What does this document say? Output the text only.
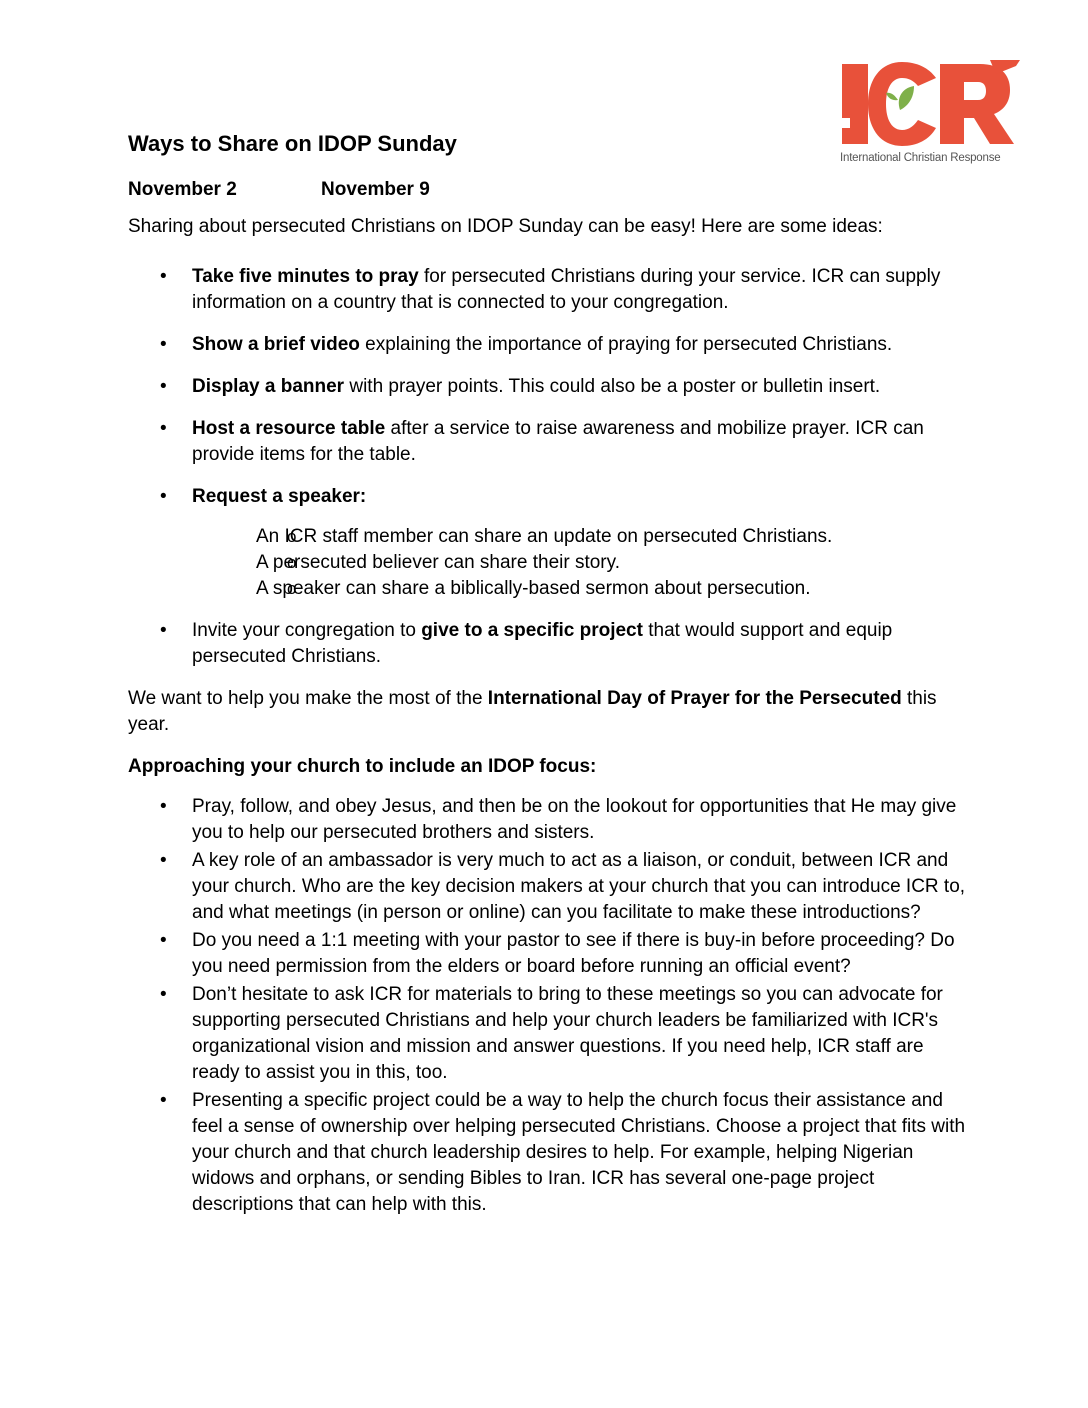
International Christian Response
Ways to Share on IDOP Sunday
November 2	November 9

Sharing about persecuted Christians on IDOP Sunday can be easy! Here are some ideas:

• Take five minutes to pray for persecuted Christians during your service. ICR can supply information on a country that is connected to your congregation.
• Show a brief video explaining the importance of praying for persecuted Christians.
• Display a banner with prayer points. This could also be a poster or bulletin insert.
• Host a resource table after a service to raise awareness and mobilize prayer. ICR can provide items for the table.
• Request a speaker:
o An ICR staff member can share an update on persecuted Christians.
o A persecuted believer can share their story.
o A speaker can share a biblically-based sermon about persecution.
• Invite your congregation to give to a specific project that would support and equip persecuted Christians.

We want to help you make the most of the International Day of Prayer for the Persecuted this year.

Approaching your church to include an IDOP focus:

• Pray, follow, and obey Jesus, and then be on the lookout for opportunities that He may give you to help our persecuted brothers and sisters.
• A key role of an ambassador is very much to act as a liaison, or conduit, between ICR and your church. Who are the key decision makers at your church that you can introduce ICR to, and what meetings (in person or online) can you facilitate to make these introductions?
• Do you need a 1:1 meeting with your pastor to see if there is buy-in before proceeding? Do you need permission from the elders or board before running an official event?
• Don’t hesitate to ask ICR for materials to bring to these meetings so you can advocate for supporting persecuted Christians and help your church leaders be familiarized with ICR's organizational vision and mission and answer questions. If you need help, ICR staff are ready to assist you in this, too.
• Presenting a specific project could be a way to help the church focus their assistance and feel a sense of ownership over helping persecuted Christians. Choose a project that fits with your church and that church leadership desires to help. For example, helping Nigerian widows and orphans, or sending Bibles to Iran. ICR has several one-page project descriptions that can help with this.
